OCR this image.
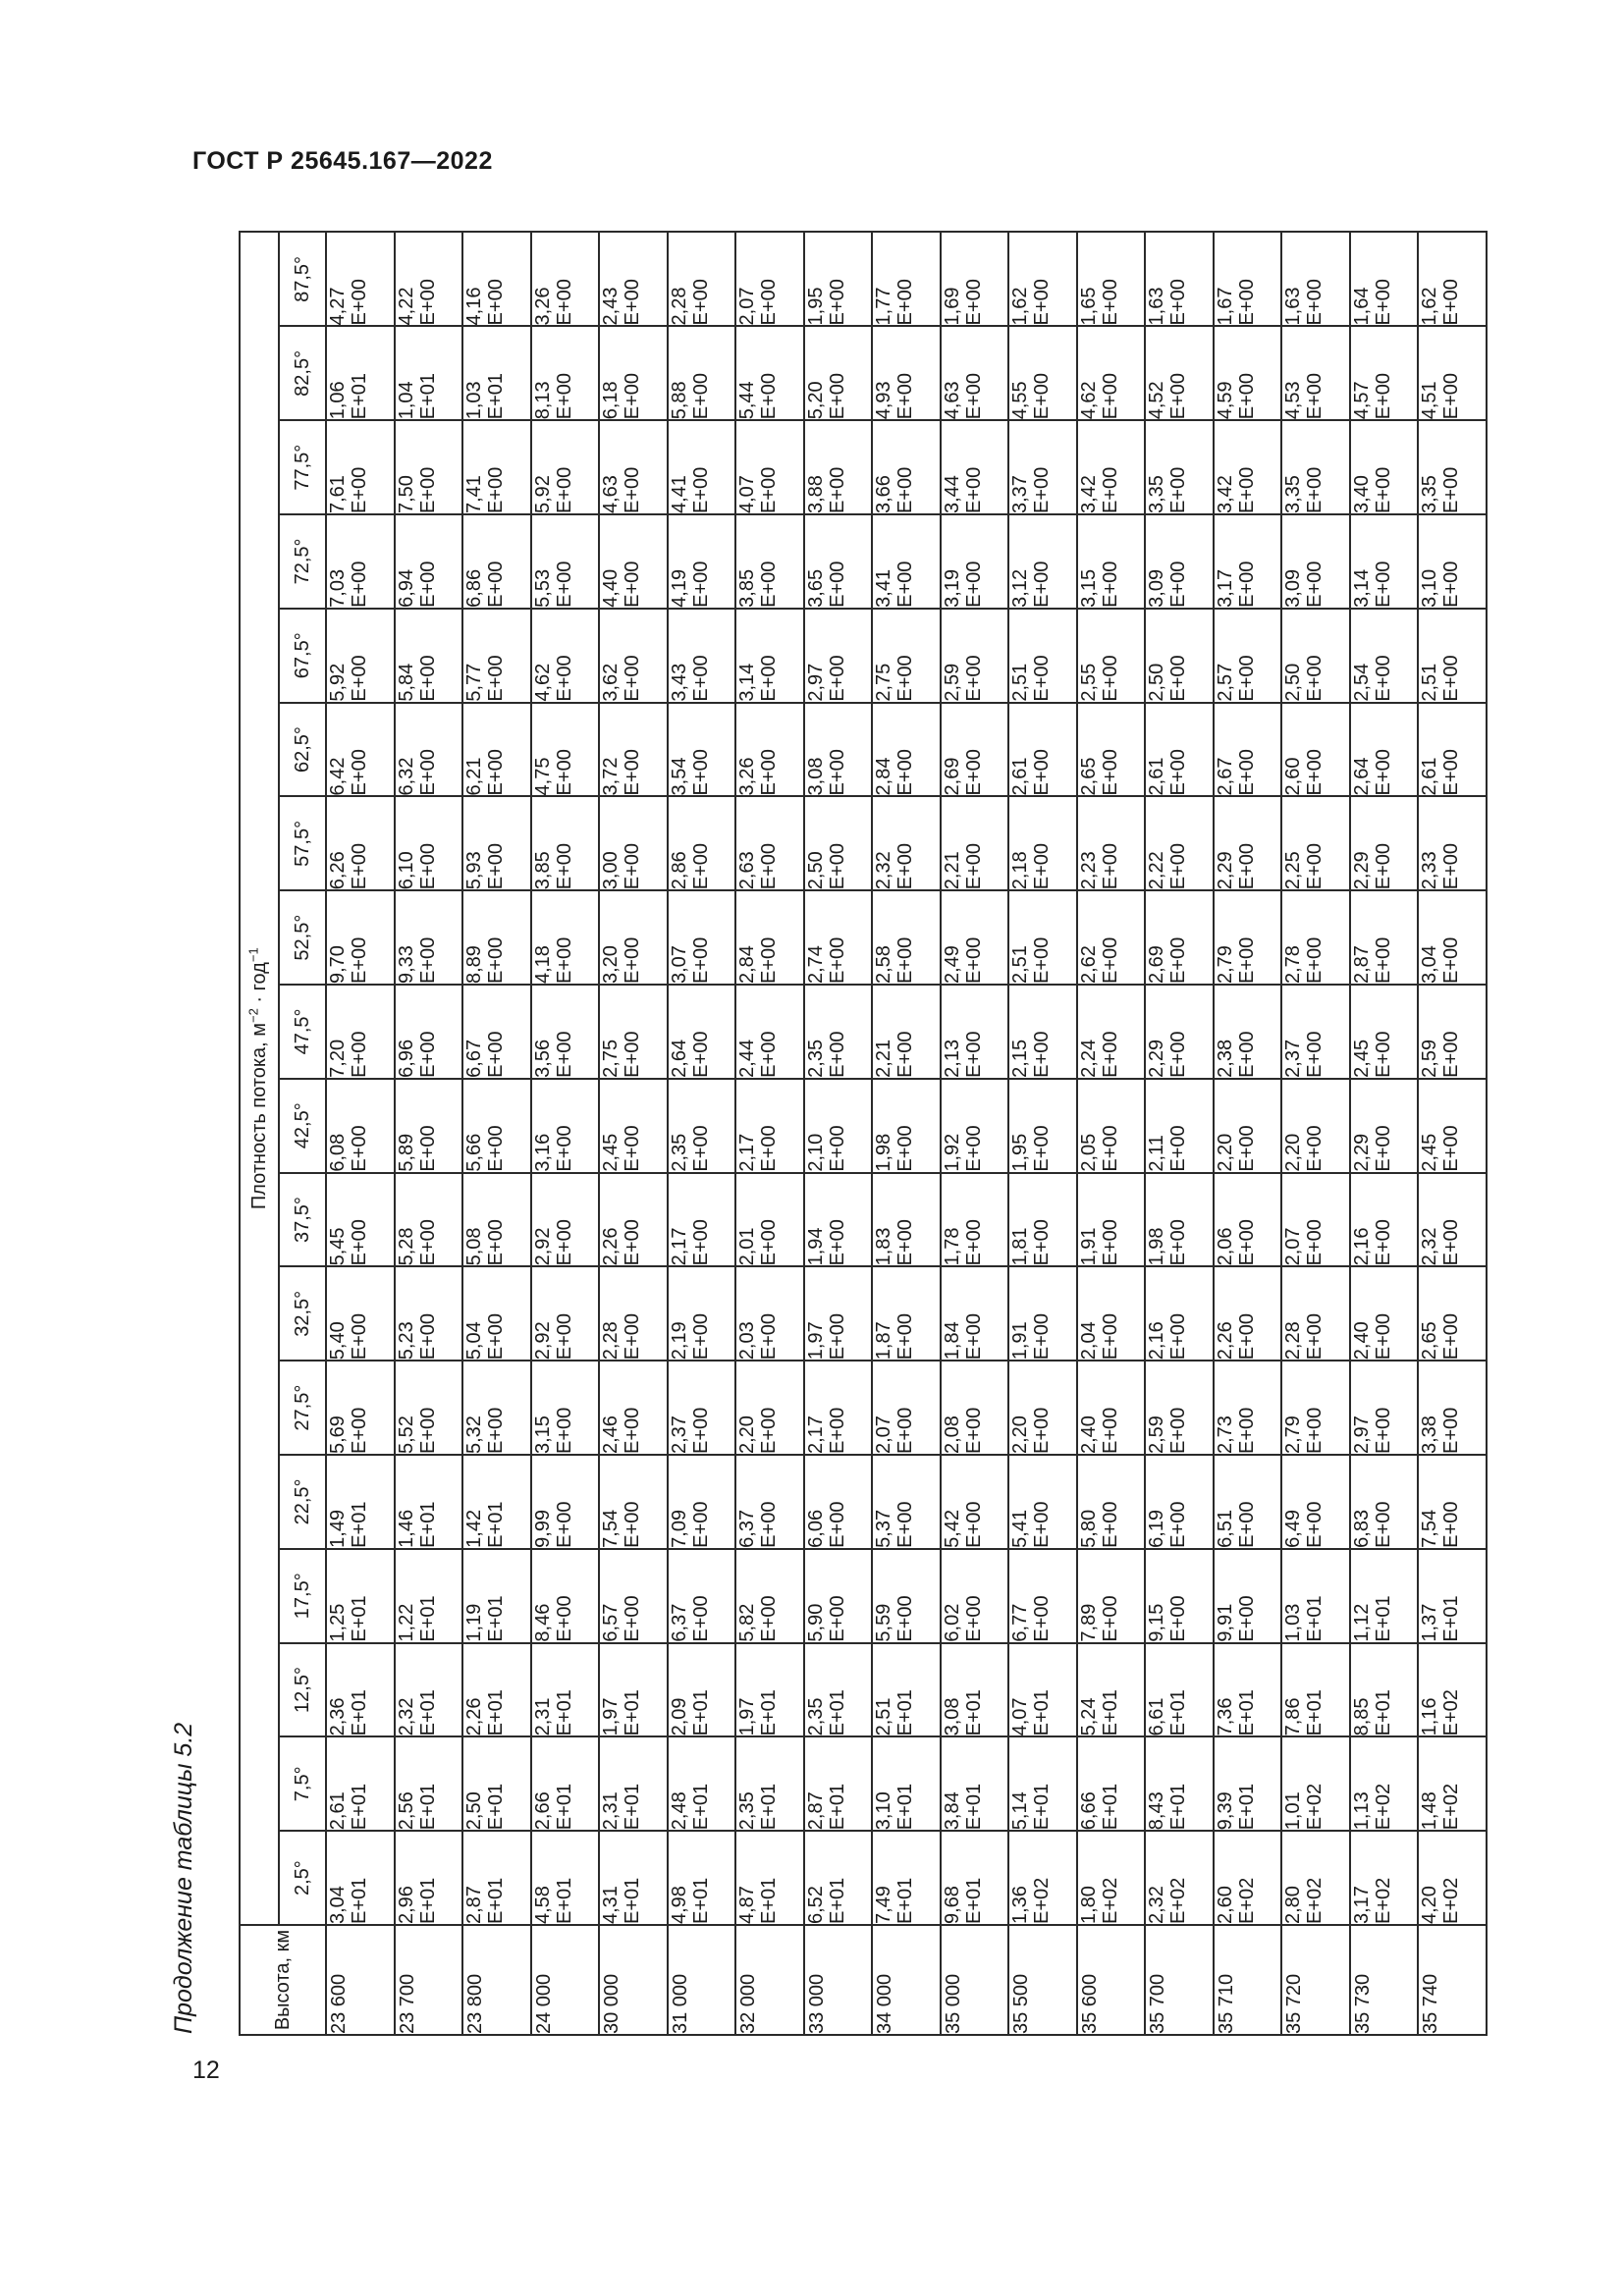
ГОСТ Р 25645.167—2022
Продолжение таблицы 5.2
12
Высота, км	Плотность потока, $м^{-2} \cdot год^{-1}$
	2,5°	7,5°	12,5°	17,5°	22,5°	27,5°	32,5°	37,5°	42,5°	47,5°	52,5°	57,5°	62,5°	67,5°	72,5°	77,5°	82,5°	87,5°
23 600	3,04 E+01	2,61 E+01	2,36 E+01	1,25 E+01	1,49 E+01	5,69 E+00	5,40 E+00	5,45 E+00	6,08 E+00	7,20 E+00	9,70 E+00	6,26 E+00	6,42 E+00	5,92 E+00	7,03 E+00	7,61 E+00	1,06 E+01	4,27 E+00

23 700	2,96 E+01	2,56 E+01	2,32 E+01	1,22 E+01	1,46 E+01	5,52 E+00	5,23 E+00	5,28 E+00	5,89 E+00	6,96 E+00	9,33 E+00	6,10 E+00	6,32 E+00	5,84 E+00	6,94 E+00	7,50 E+00	1,04 E+01	4,22 E+00

23 800	2,87 E+01	2,50 E+01	2,26 E+01	1,19 E+01	1,42 E+01	5,32 E+00	5,04 E+00	5,08 E+00	5,66 E+00	6,67 E+00	8,89 E+00	5,93 E+00	6,21 E+00	5,77 E+00	6,86 E+00	7,41 E+00	1,03 E+01	4,16 E+00

24 000	4,58 E+01	2,66 E+01	2,31 E+01	8,46 E+00	9,99 E+00	3,15 E+00	2,92 E+00	2,92 E+00	3,16 E+00	3,56 E+00	4,18 E+00	3,85 E+00	4,75 E+00	4,62 E+00	5,53 E+00	5,92 E+00	8,13 E+00	3,26 E+00

30 000	4,31 E+01	2,31 E+01	1,97 E+01	6,57 E+00	7,54 E+00	2,46 E+00	2,28 E+00	2,26 E+00	2,45 E+00	2,75 E+00	3,20 E+00	3,00 E+00	3,72 E+00	3,62 E+00	4,40 E+00	4,63 E+00	6,18 E+00	2,43 E+00

31 000	4,98 E+01	2,48 E+01	2,09 E+01	6,37 E+00	7,09 E+00	2,37 E+00	2,19 E+00	2,17 E+00	2,35 E+00	2,64 E+00	3,07 E+00	2,86 E+00	3,54 E+00	3,43 E+00	4,19 E+00	4,41 E+00	5,88 E+00	2,28 E+00

32 000	4,87 E+01	2,35 E+01	1,97 E+01	5,82 E+00	6,37 E+00	2,20 E+00	2,03 E+00	2,01 E+00	2,17 E+00	2,44 E+00	2,84 E+00	2,63 E+00	3,26 E+00	3,14 E+00	3,85 E+00	4,07 E+00	5,44 E+00	2,07 E+00

33 000	6,52 E+01	2,87 E+01	2,35 E+01	5,90 E+00	6,06 E+00	2,17 E+00	1,97 E+00	1,94 E+00	2,10 E+00	2,35 E+00	2,74 E+00	2,50 E+00	3,08 E+00	2,97 E+00	3,65 E+00	3,88 E+00	5,20 E+00	1,95 E+00

34 000	7,49 E+01	3,10 E+01	2,51 E+01	5,59 E+00	5,37 E+00	2,07 E+00	1,87 E+00	1,83 E+00	1,98 E+00	2,21 E+00	2,58 E+00	2,32 E+00	2,84 E+00	2,75 E+00	3,41 E+00	3,66 E+00	4,93 E+00	1,77 E+00

35 000	9,68 E+01	3,84 E+01	3,08 E+01	6,02 E+00	5,42 E+00	2,08 E+00	1,84 E+00	1,78 E+00	1,92 E+00	2,13 E+00	2,49 E+00	2,21 E+00	2,69 E+00	2,59 E+00	3,19 E+00	3,44 E+00	4,63 E+00	1,69 E+00

35 500	1,36 E+02	5,14 E+01	4,07 E+01	6,77 E+00	5,41 E+00	2,20 E+00	1,91 E+00	1,81 E+00	1,95 E+00	2,15 E+00	2,51 E+00	2,18 E+00	2,61 E+00	2,51 E+00	3,12 E+00	3,37 E+00	4,55 E+00	1,62 E+00

35 600	1,80 E+02	6,66 E+01	5,24 E+01	7,89 E+00	5,80 E+00	2,40 E+00	2,04 E+00	1,91 E+00	2,05 E+00	2,24 E+00	2,62 E+00	2,23 E+00	2,65 E+00	2,55 E+00	3,15 E+00	3,42 E+00	4,62 E+00	1,65 E+00

35 700	2,32 E+02	8,43 E+01	6,61 E+01	9,15 E+00	6,19 E+00	2,59 E+00	2,16 E+00	1,98 E+00	2,11 E+00	2,29 E+00	2,69 E+00	2,22 E+00	2,61 E+00	2,50 E+00	3,09 E+00	3,35 E+00	4,52 E+00	1,63 E+00

35 710	2,60 E+02	9,39 E+01	7,36 E+01	9,91 E+00	6,51 E+00	2,73 E+00	2,26 E+00	2,06 E+00	2,20 E+00	2,38 E+00	2,79 E+00	2,29 E+00	2,67 E+00	2,57 E+00	3,17 E+00	3,42 E+00	4,59 E+00	1,67 E+00

35 720	2,80 E+02	1,01 E+02	7,86 E+01	1,03 E+01	6,49 E+00	2,79 E+00	2,28 E+00	2,07 E+00	2,20 E+00	2,37 E+00	2,78 E+00	2,25 E+00	2,60 E+00	2,50 E+00	3,09 E+00	3,35 E+00	4,53 E+00	1,63 E+00

35 730	3,17 E+02	1,13 E+02	8,85 E+01	1,12 E+01	6,83 E+00	2,97 E+00	2,40 E+00	2,16 E+00	2,29 E+00	2,45 E+00	2,87 E+00	2,29 E+00	2,64 E+00	2,54 E+00	3,14 E+00	3,40 E+00	4,57 E+00	1,64 E+00

35 740	4,20 E+02	1,48 E+02	1,16 E+02	1,37 E+01	7,54 E+00	3,38 E+00	2,65 E+00	2,32 E+00	2,45 E+00	2,59 E+00	3,04 E+00	2,33 E+00	2,61 E+00	2,51 E+00	3,10 E+00	3,35 E+00	4,51 E+00	1,62 E+00
